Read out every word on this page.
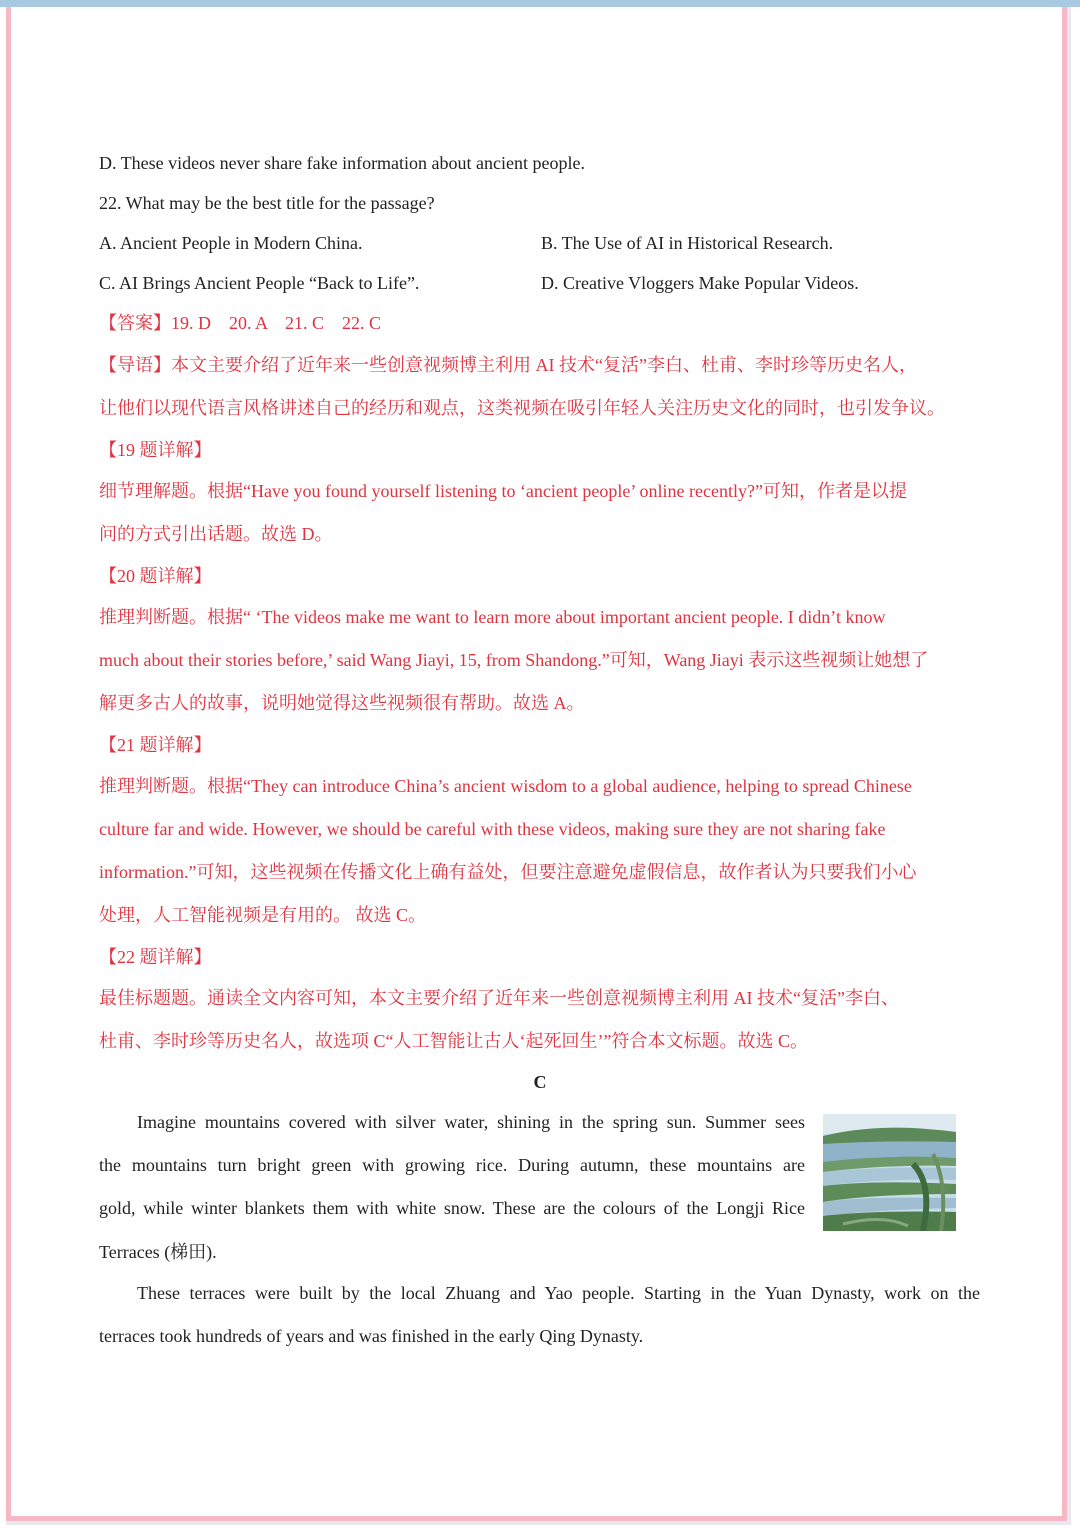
D. These videos never share fake information about ancient people.
22. What may be the best title for the passage?
A. Ancient People in Modern China.	B. The Use of AI in Historical Research.
C. AI Brings Ancient People “Back to Life”.	D. Creative Vloggers Make Popular Videos.
【答案】19. D    20. A    21. C    22. C
【导语】本文主要介绍了近年来一些创意视频博主利用 AI 技术“复活”李白、杜甫、李时珍等历史名人，
让他们以现代语言风格讲述自己的经历和观点，这类视频在吸引年轻人关注历史文化的同时，也引发争议。
【19 题详解】
细节理解题。根据“Have you found yourself listening to ‘ancient people’ online recently?”可知，作者是以提
问的方式引出话题。故选 D。
【20 题详解】
推理判断题。根据“ ‘The videos make me want to learn more about important ancient people. I didn’t know
much about their stories before,’ said Wang Jiayi, 15, from Shandong.”可知，Wang Jiayi 表示这些视频让她想了
解更多古人的故事，说明她觉得这些视频很有帮助。故选 A。
【21 题详解】
推理判断题。根据“They can introduce China’s ancient wisdom to a global audience, helping to spread Chinese
culture far and wide. However, we should be careful with these videos, making sure they are not sharing fake
information.”可知，这些视频在传播文化上确有益处，但要注意避免虚假信息，故作者认为只要我们小心
处理，人工智能视频是有用的。 故选 C。
【22 题详解】
最佳标题题。通读全文内容可知，本文主要介绍了近年来一些创意视频博主利用 AI 技术“复活”李白、
杜甫、李时珍等历史名人，故选项 C“人工智能让古人‘起死回生’”符合本文标题。故选 C。
C
Imagine mountains covered with silver water, shining in the spring sun. Summer sees
the mountains turn bright green with growing rice. During autumn, these mountains are
gold, while winter blankets them with white snow. These are the colours of the Longji Rice
Terraces (梯田).
These terraces were built by the local Zhuang and Yao people. Starting in the Yuan Dynasty, work on the
terraces took hundreds of years and was finished in the early Qing Dynasty.
